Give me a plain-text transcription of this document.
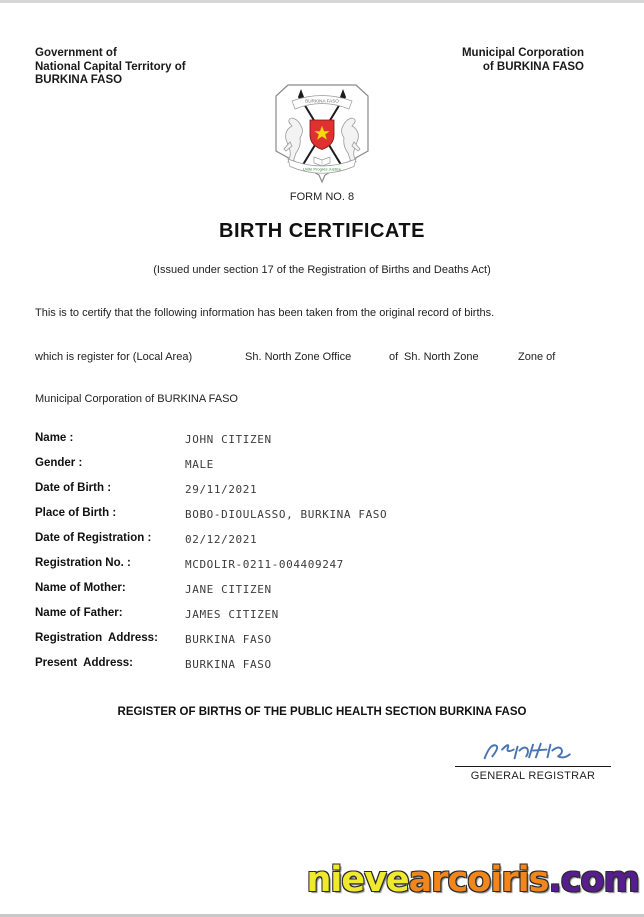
Government of
National Capital Territory of
BURKINA FASO
Municipal Corporation
of BURKINA FASO
BURKINA FASO
Unité Progrès Justice
FORM NO. 8
BIRTH CERTIFICATE
(Issued under section 17 of the Registration of Births and Deaths Act)
This is to certify that the following information has been taken from the original record of births.
which is register for (Local Area)	Sh. North Zone Office	of Sh. North Zone	Zone of
Municipal Corporation of BURKINA FASO
Name :	JOHN CITIZEN
Gender :	MALE
Date of Birth :	29/11/2021
Place of Birth :	BOBO-DIOULASSO, BURKINA FASO
Date of Registration :	02/12/2021
Registration No. :	MCDOLIR-0211-004409247
Name of Mother:	JANE CITIZEN
Name of Father:	JAMES CITIZEN
Registration  Address: BURKINA FASO
Present  Address:	BURKINA FASO
REGISTER OF BIRTHS OF THE PUBLIC HEALTH SECTION BURKINA FASO
GENERAL REGISTRAR
nievearcoiris.com
